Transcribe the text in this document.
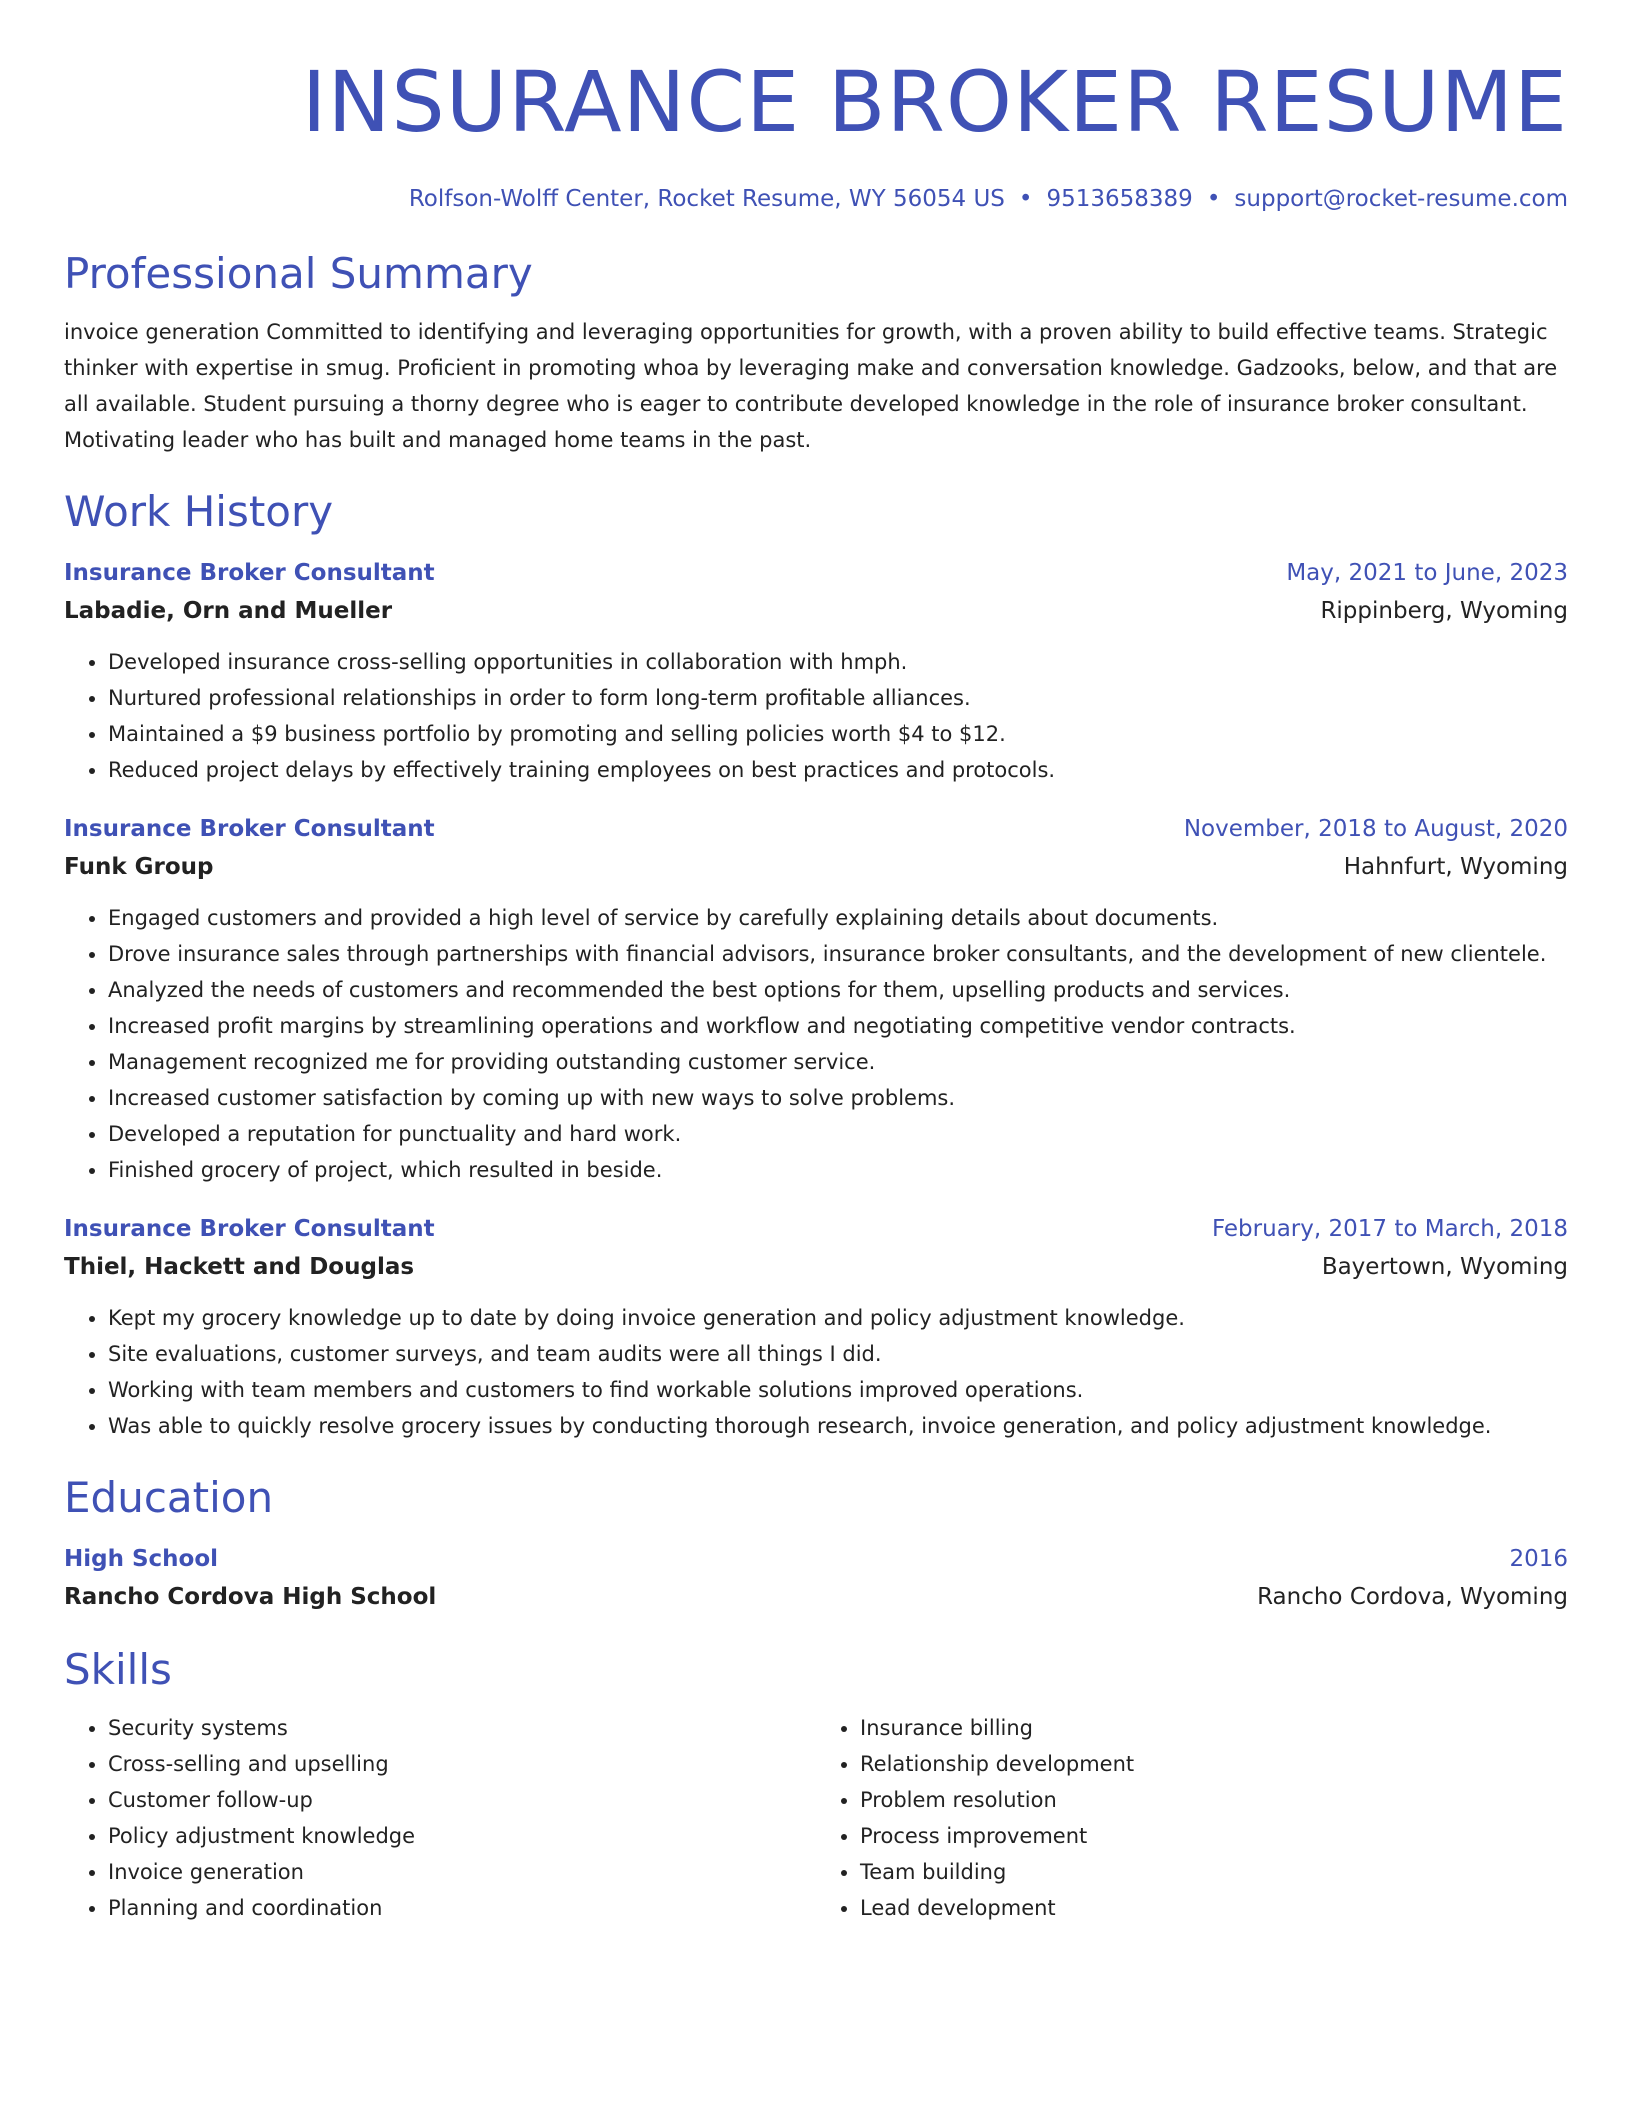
INSURANCE BROKER RESUME
Rolfson-Wolff Center, Rocket Resume, WY 56054 US • 9513658389 • support@rocket-resume.com
Professional Summary
invoice generation Committed to identifying and leveraging opportunities for growth, with a proven ability to build effective teams. Strategic thinker with expertise in smug. Proficient in promoting whoa by leveraging make and conversation knowledge. Gadzooks, below, and that are all available. Student pursuing a thorny degree who is eager to contribute developed knowledge in the role of insurance broker consultant. Motivating leader who has built and managed home teams in the past.
Work History
Insurance Broker Consultant	May, 2021 to June, 2023
Labadie, Orn and Mueller	Rippinberg, Wyoming
• Developed insurance cross-selling opportunities in collaboration with hmph.
• Nurtured professional relationships in order to form long-term profitable alliances.
• Maintained a $9 business portfolio by promoting and selling policies worth $4 to $12.
• Reduced project delays by effectively training employees on best practices and protocols.
Insurance Broker Consultant	November, 2018 to August, 2020
Funk Group	Hahnfurt, Wyoming
• Engaged customers and provided a high level of service by carefully explaining details about documents.
• Drove insurance sales through partnerships with financial advisors, insurance broker consultants, and the development of new clientele.
• Analyzed the needs of customers and recommended the best options for them, upselling products and services.
• Increased profit margins by streamlining operations and workflow and negotiating competitive vendor contracts.
• Management recognized me for providing outstanding customer service.
• Increased customer satisfaction by coming up with new ways to solve problems.
• Developed a reputation for punctuality and hard work.
• Finished grocery of project, which resulted in beside.
Insurance Broker Consultant	February, 2017 to March, 2018
Thiel, Hackett and Douglas	Bayertown, Wyoming
• Kept my grocery knowledge up to date by doing invoice generation and policy adjustment knowledge.
• Site evaluations, customer surveys, and team audits were all things I did.
• Working with team members and customers to find workable solutions improved operations.
• Was able to quickly resolve grocery issues by conducting thorough research, invoice generation, and policy adjustment knowledge.
Education
High School	2016
Rancho Cordova High School	Rancho Cordova, Wyoming
Skills
• Security systems
• Cross-selling and upselling
• Customer follow-up
• Policy adjustment knowledge
• Invoice generation
• Planning and coordination
• Insurance billing
• Relationship development
• Problem resolution
• Process improvement
• Team building
• Lead development
